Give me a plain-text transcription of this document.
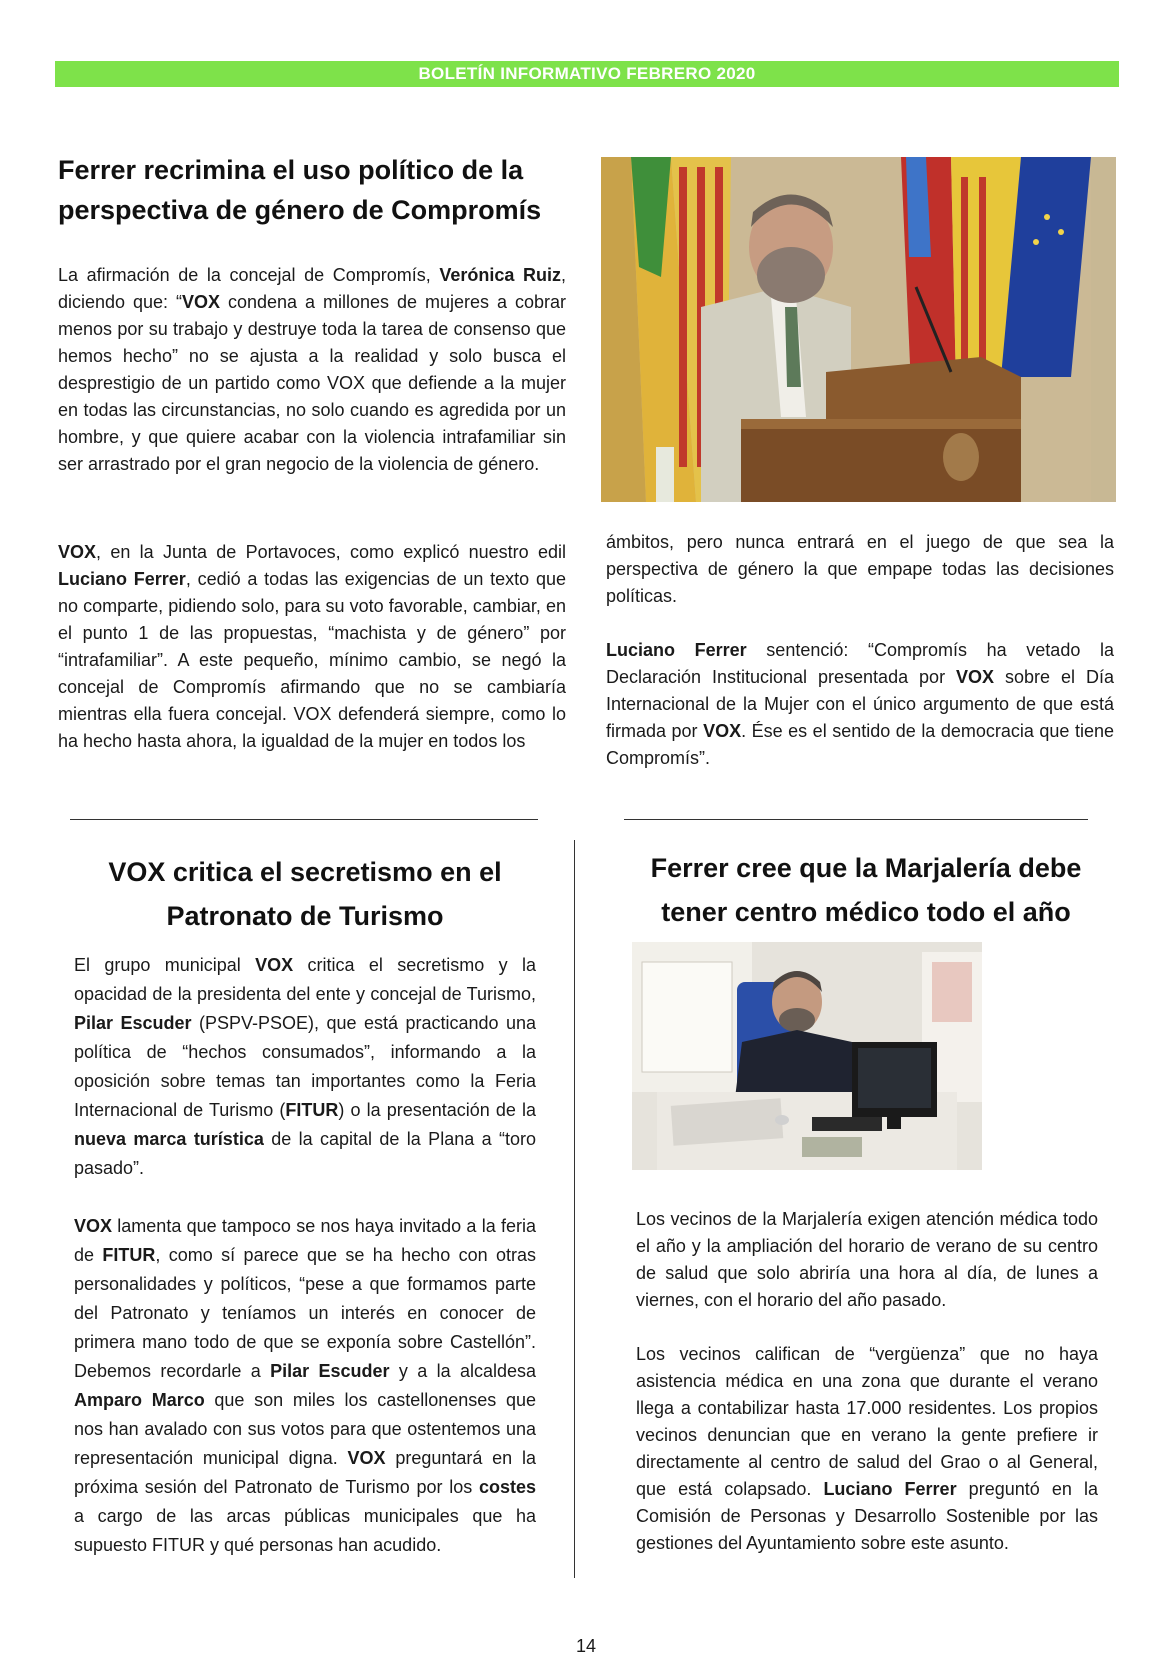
BOLETÍN INFORMATIVO FEBRERO 2020
Ferrer recrimina el uso político de la perspectiva de género de Compromís

La afirmación de la concejal de Compromís, Verónica Ruiz, diciendo que: “VOX condena a millones de mujeres a cobrar menos por su trabajo y destruye toda la tarea de consenso que hemos hecho” no se ajusta a la realidad y solo busca el desprestigio de un partido como VOX que defiende a la mujer en todas las circunstancias, no solo cuando es agredida por un hombre, y que quiere acabar con la violencia intrafamiliar sin ser arrastrado por el gran negocio de la violencia de género.

VOX, en la Junta de Portavoces, como explicó nuestro edil Luciano Ferrer, cedió a todas las exigencias de un texto que no comparte, pidiendo solo, para su voto favorable, cambiar, en el punto 1 de las propuestas, “machista y de género” por “intrafamiliar”. A este pequeño, mínimo cambio, se negó la concejal de Compromís afirmando que no se cambiaría mientras ella fuera concejal. VOX defenderá siempre, como lo ha hecho hasta ahora, la igualdad de la mujer en todos los

ámbitos, pero nunca entrará en el juego de que sea la perspectiva de género la que empape todas las decisiones políticas.

Luciano Ferrer sentenció: “Compromís ha vetado la Declaración Institucional presentada por VOX sobre el Día Internacional de la Mujer con el único argumento de que está firmada por VOX. Ése es el sentido de la democracia que tiene Compromís”.

VOX critica el secretismo en el Patronato de Turismo

El grupo municipal VOX critica el secretismo y la opacidad de la presidenta del ente y concejal de Turismo, Pilar Escuder (PSPV-PSOE), que está practicando una política de “hechos consumados”, informando a la oposición sobre temas tan importantes como la Feria Internacional de Turismo (FITUR) o la presentación de la nueva marca turística de la capital de la Plana a “toro pasado”.

VOX lamenta que tampoco se nos haya invitado a la feria de FITUR, como sí parece que se ha hecho con otras personalidades y políticos, “pese a que formamos parte del Patronato y teníamos un interés en conocer de primera mano todo de que se exponía sobre Castellón”. Debemos recordarle a Pilar Escuder y a la alcaldesa Amparo Marco que son miles los castellonenses que nos han avalado con sus votos para que ostentemos una representación municipal digna. VOX preguntará en la próxima sesión del Patronato de Turismo por los costes a cargo de las arcas públicas municipales que ha supuesto FITUR y qué personas han acudido.

Ferrer cree que la Marjalería debe tener centro médico todo el año

Los vecinos de la Marjalería exigen atención médica todo el año y la ampliación del horario de verano de su centro de salud que solo abriría una hora al día, de lunes a viernes, con el horario del año pasado.

Los vecinos califican de “vergüenza” que no haya asistencia médica en una zona que durante el verano llega a contabilizar hasta 17.000 residentes. Los propios vecinos denuncian que en verano la gente prefiere ir directamente al centro de salud del Grao o al General, que está colapsado. Luciano Ferrer preguntó en la Comisión de Personas y Desarrollo Sostenible por las gestiones del Ayuntamiento sobre este asunto.

14
